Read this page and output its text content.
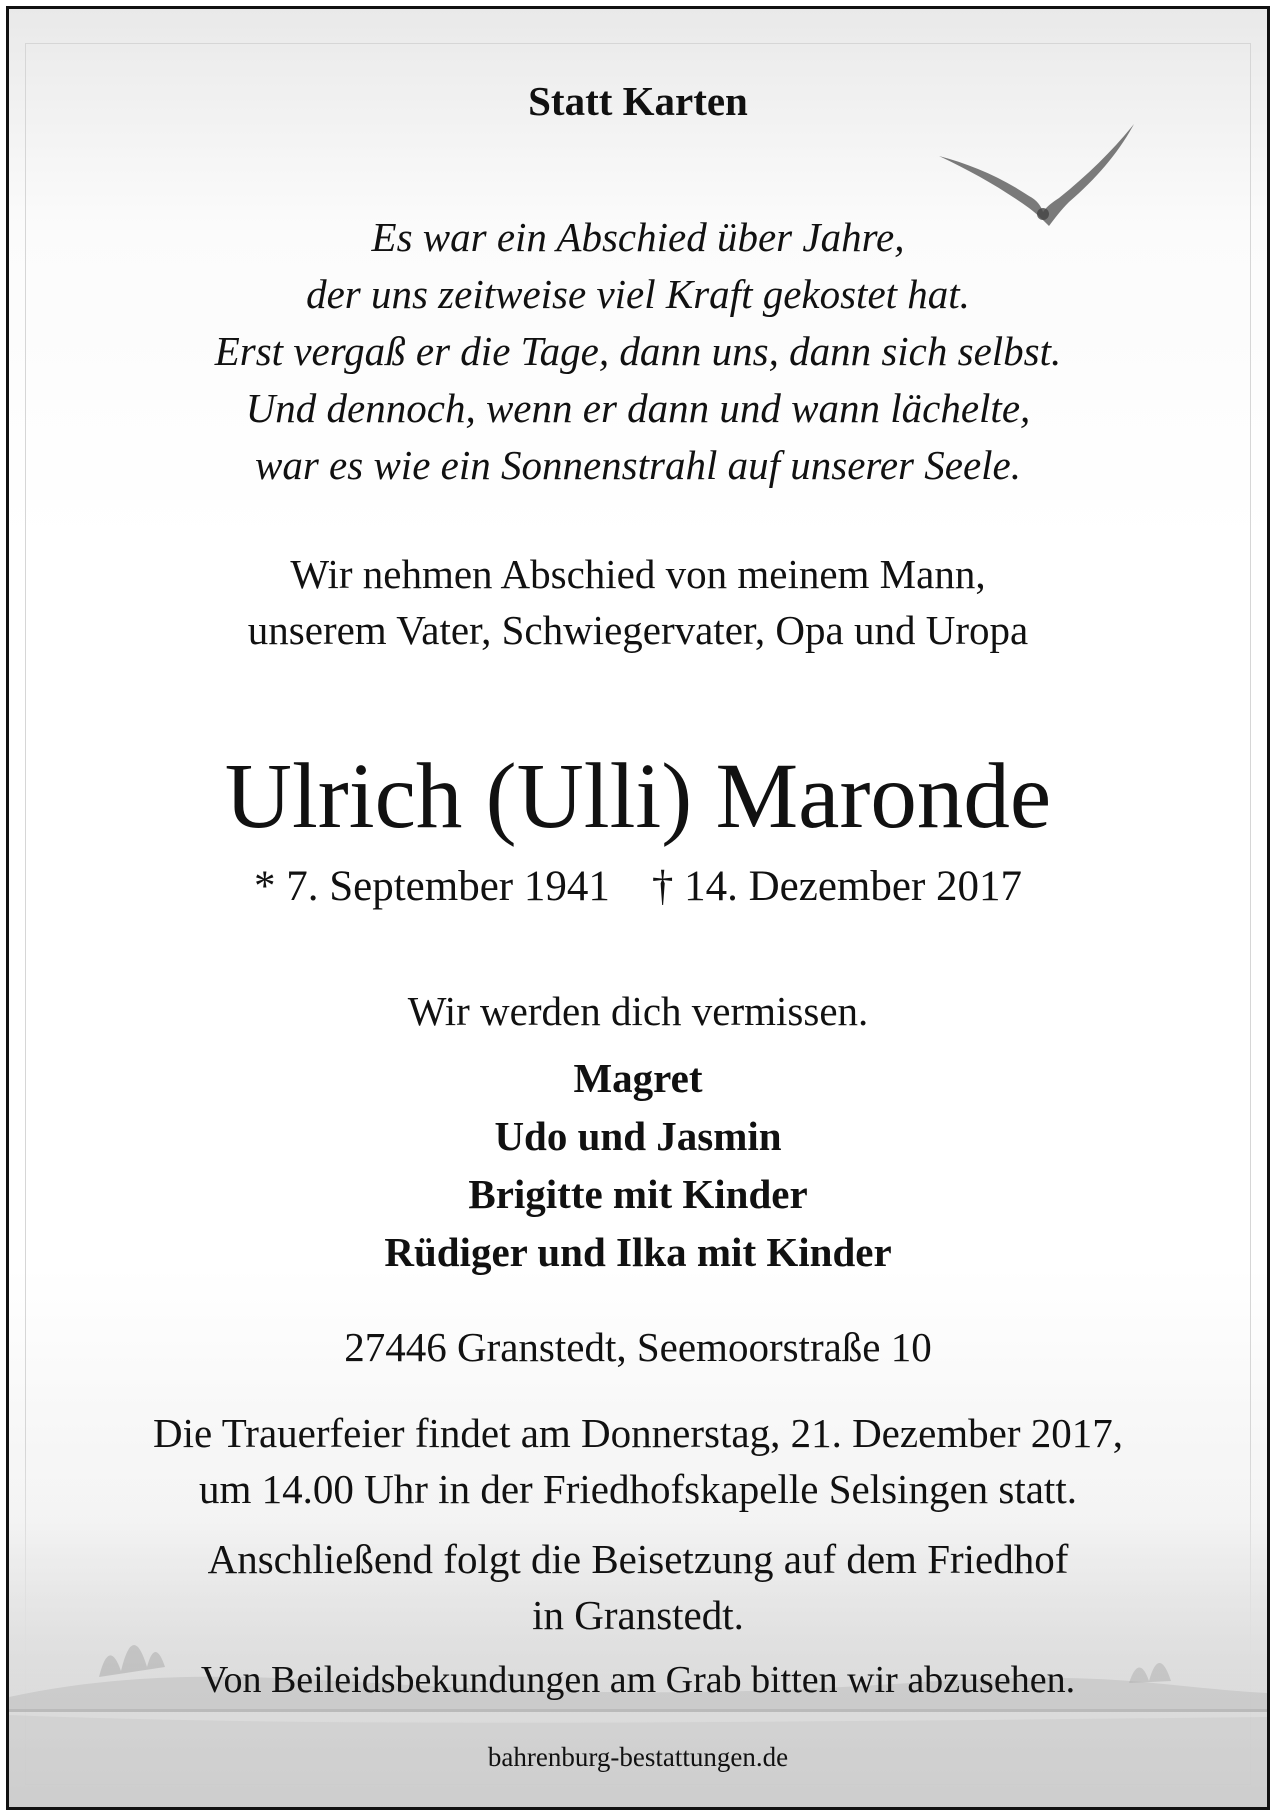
Statt Karten
Es war ein Abschied über Jahre,
der uns zeitweise viel Kraft gekostet hat.
Erst vergaß er die Tage, dann uns, dann sich selbst.
Und dennoch, wenn er dann und wann lächelte,
war es wie ein Sonnenstrahl auf unserer Seele.
Wir nehmen Abschied von meinem Mann,
unserem Vater, Schwiegervater, Opa und Uropa
Ulrich (Ulli) Maronde
* 7. September 1941 † 14. Dezember 2017
Wir werden dich vermissen.
Magret
Udo und Jasmin
Brigitte mit Kinder
Rüdiger und Ilka mit Kinder
27446 Granstedt, Seemoorstraße 10
Die Trauerfeier findet am Donnerstag, 21. Dezember 2017,
um 14.00 Uhr in der Friedhofskapelle Selsingen statt.
Anschließend folgt die Beisetzung auf dem Friedhof
in Granstedt.
Von Beileidsbekundungen am Grab bitten wir abzusehen.
bahrenburg-bestattungen.de
